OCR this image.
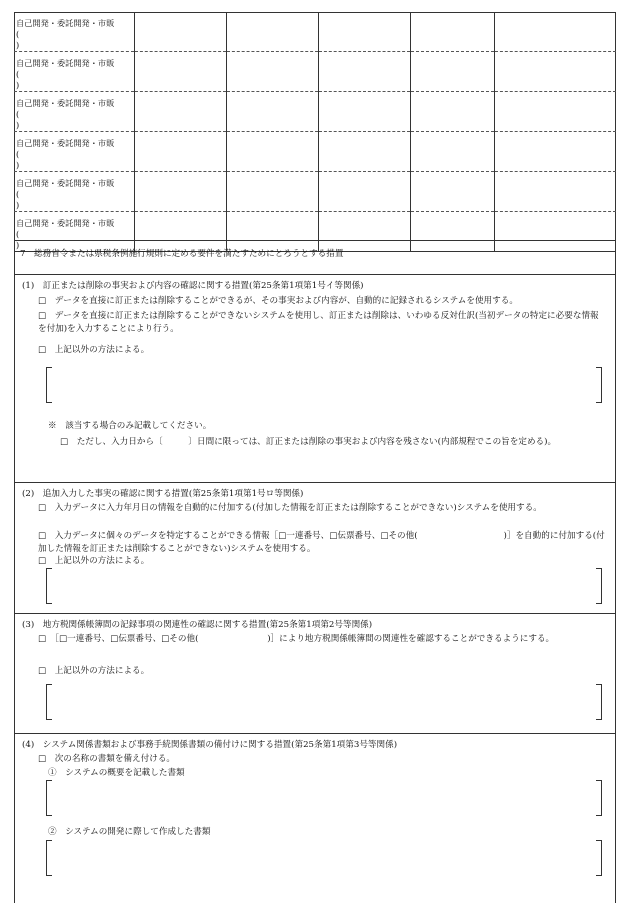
自己開発・委託開発・市販
(
)					

自己開発・委託開発・市販
(
)					

自己開発・委託開発・市販
(
)					

自己開発・委託開発・市販
(
)					

自己開発・委託開発・市販
(
)					

自己開発・委託開発・市販
(
)					

7　総務省令または県税条例施行規則に定める要件を満たすためにとろうとする措置
(1)　訂正または削除の事実および内容の確認に関する措置(第25条第1項第1号イ等関係)
□　データを直接に訂正または削除することができるが、その事実および内容が、自動的に記録されるシステムを使用する。
□　データを直接に訂正または削除することができないシステムを使用し、訂正または削除は、いわゆる反対仕訳(当初データの特定に必要な情報を付加)を入力することにより行う。
□　上記以外の方法による。
※　該当する場合のみ記載してください。
□　ただし、入力日から〔　　　〕日間に限っては、訂正または削除の事実および内容を残さない(内部規程でこの旨を定める)。
(2)　追加入力した事実の確認に関する措置(第25条第1項第1号ロ等関係)
□　入力データに入力年月日の情報を自動的に付加する(付加した情報を訂正または削除することができない)システムを使用する。
□　入力データに個々のデータを特定することができる情報［□一連番号、□伝票番号、□その他(　　　　　　　　　　)］を自動的に付加する(付加した情報を訂正または削除することができない)システムを使用する。
□　上記以外の方法による。
(3)　地方税関係帳簿間の記録事項の関連性の確認に関する措置(第25条第1項第2号等関係)
□　［□一連番号、□伝票番号、□その他(　　　　　　　　)］により地方税関係帳簿間の関連性を確認することができるようにする。
□　上記以外の方法による。
(4)　システム関係書類および事務手続関係書類の備付けに関する措置(第25条第1項第3号等関係)
□　次の名称の書類を備え付ける。
①　システムの概要を記載した書類
②　システムの開発に際して作成した書類
